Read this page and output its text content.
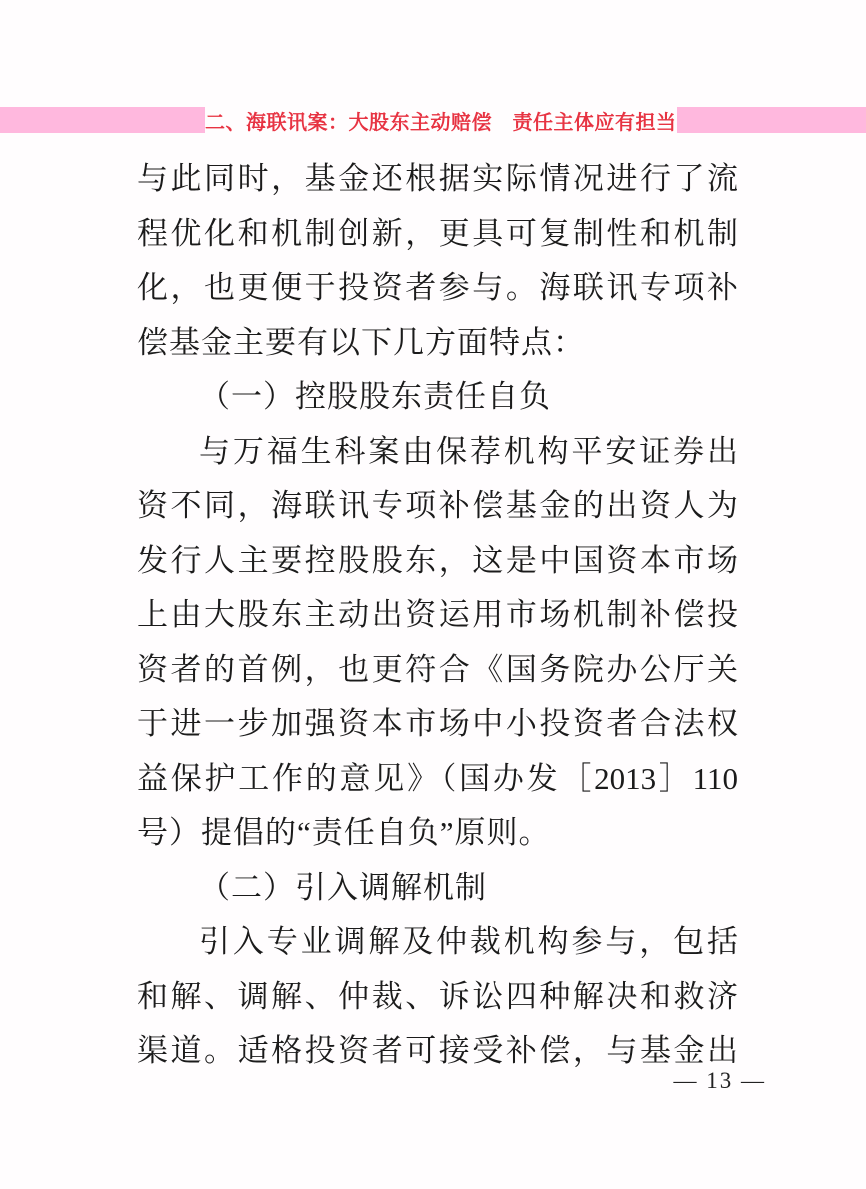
二、海联讯案：大股东主动赔偿　责任主体应有担当
与此同时，基金还根据实际情况进行了流
程优化和机制创新，更具可复制性和机制
化，也更便于投资者参与。海联讯专项补
偿基金主要有以下几方面特点：
（一）控股股东责任自负
与万福生科案由保荐机构平安证券出
资不同，海联讯专项补偿基金的出资人为
发行人主要控股股东，这是中国资本市场
上由大股东主动出资运用市场机制补偿投
资者的首例，也更符合《国务院办公厅关
于进一步加强资本市场中小投资者合法权
益保护工作的意见》（国办发［2013］110
号）提倡的“责任自负”原则。
（二）引入调解机制
引入专业调解及仲裁机构参与，包括
和解、调解、仲裁、诉讼四种解决和救济
渠道。适格投资者可接受补偿，与基金出
— 13 —
